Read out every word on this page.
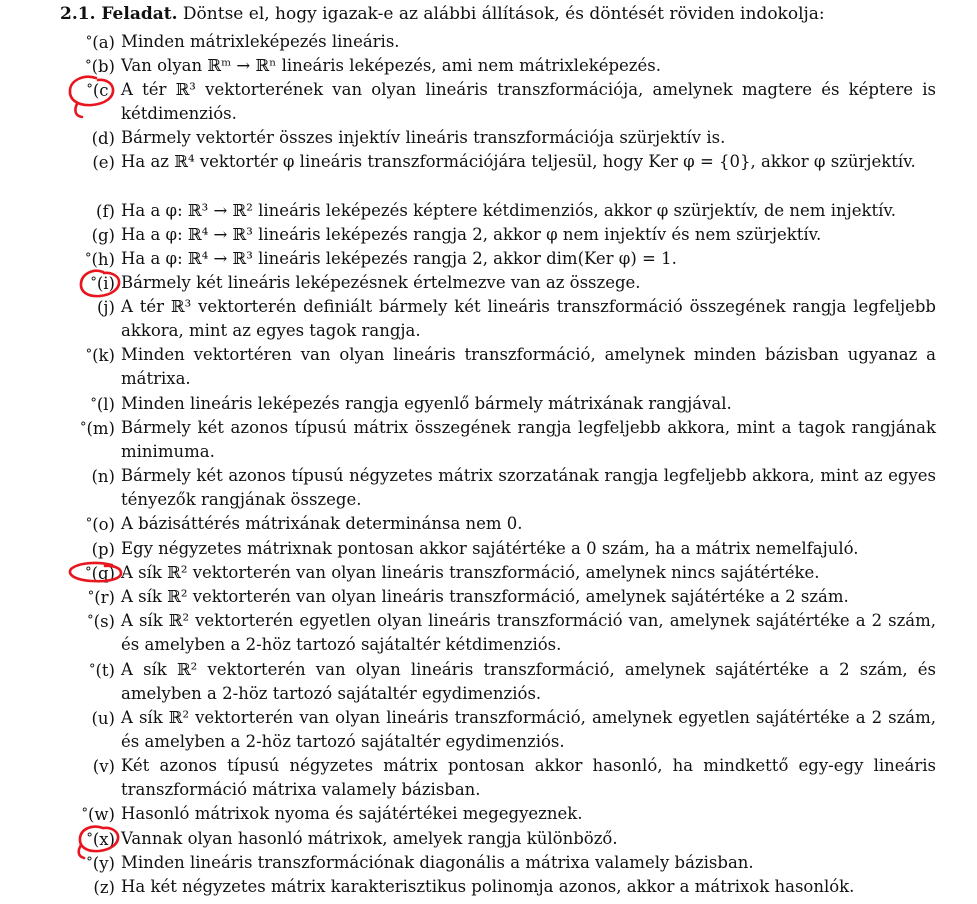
2.1. Feladat. Döntse el, hogy igazak-e az alábbi állítások, és döntését röviden indokolja:
°(a) Minden mátrixleképezés lineáris.
°(b) Van olyan ℝᵐ → ℝⁿ lineáris leképezés, ami nem mátrixleképezés.
°(c) A tér ℝ³ vektorterének van olyan lineáris transzformációja, amelynek magtere és képtere is kétdimenziós.
(d) Bármely vektortér összes injektív lineáris transzformációja szürjektív is.
(e) Ha az ℝ⁴ vektortér φ lineáris transzformációjára teljesül, hogy Ker φ = {0}, akkor φ szürjektív.
(f) Ha a φ: ℝ³ → ℝ² lineáris leképezés képtere kétdimenziós, akkor φ szürjektív, de nem injektív.
(g) Ha a φ: ℝ⁴ → ℝ³ lineáris leképezés rangja 2, akkor φ nem injektív és nem szürjektív.
°(h) Ha a φ: ℝ⁴ → ℝ³ lineáris leképezés rangja 2, akkor dim(Ker φ) = 1.
°(i) Bármely két lineáris leképezésnek értelmezve van az összege.
(j) A tér ℝ³ vektorterén definiált bármely két lineáris transzformáció összegének rangja legfeljebb akkora, mint az egyes tagok rangja.
°(k) Minden vektortéren van olyan lineáris transzformáció, amelynek minden bázisban ugyanaz a mátrixa.
°(l) Minden lineáris leképezés rangja egyenlő bármely mátrixának rangjával.
°(m) Bármely két azonos típusú mátrix összegének rangja legfeljebb akkora, mint a tagok rangjának minimuma.
(n) Bármely két azonos típusú négyzetes mátrix szorzatának rangja legfeljebb akkora, mint az egyes tényezők rangjának összege.
°(o) A bázisáttérés mátrixának determinánsa nem 0.
(p) Egy négyzetes mátrixnak pontosan akkor sajátértéke a 0 szám, ha a mátrix nemelfajuló.
°(q) A sík ℝ² vektorterén van olyan lineáris transzformáció, amelynek nincs sajátértéke.
°(r) A sík ℝ² vektorterén van olyan lineáris transzformáció, amelynek sajátértéke a 2 szám.
°(s) A sík ℝ² vektorterén egyetlen olyan lineáris transzformáció van, amelynek sajátértéke a 2 szám, és amelyben a 2-höz tartozó sajátaltér kétdimenziós.
°(t) A sík ℝ² vektorterén van olyan lineáris transzformáció, amelynek sajátértéke a 2 szám, és amelyben a 2-höz tartozó sajátaltér egydimenziós.
(u) A sík ℝ² vektorterén van olyan lineáris transzformáció, amelynek egyetlen sajátértéke a 2 szám, és amelyben a 2-höz tartozó sajátaltér egydimenziós.
(v) Két azonos típusú négyzetes mátrix pontosan akkor hasonló, ha mindkettő egy-egy lineáris transzformáció mátrixa valamely bázisban.
°(w) Hasonló mátrixok nyoma és sajátértékei megegyeznek.
°(x) Vannak olyan hasonló mátrixok, amelyek rangja különböző.
°(y) Minden lineáris transzformációnak diagonális a mátrixa valamely bázisban.
(z) Ha két négyzetes mátrix karakterisztikus polinomja azonos, akkor a mátrixok hasonlók.
